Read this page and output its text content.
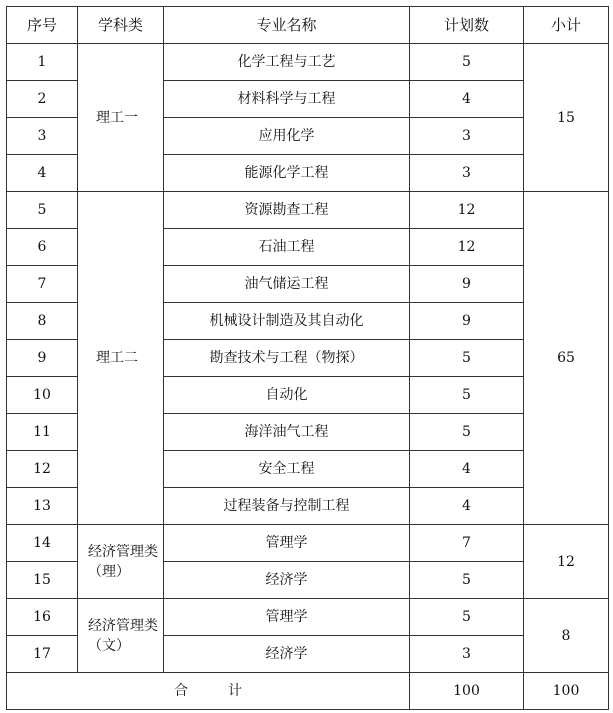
序号	学科类	专业名称	计划数	小计
1	理工一	化学工程与工艺	5	15
2		材料科学与工程	4	
3		应用化学	3	
4		能源化学工程	3	
5	理工二	资源勘查工程	12	65
6		石油工程	12	
7		油气储运工程	9	
8		机械设计制造及其自动化	9	
9		勘查技术与工程（物探）	5	
10		自动化	5	
11		海洋油气工程	5	
12		安全工程	4	
13		过程装备与控制工程	4	
14	经济管理类（理）	管理学	7	12
15		经济学	5	
16	经济管理类（文）	管理学	5	8
17		经济学	3	
合 计			100	100
